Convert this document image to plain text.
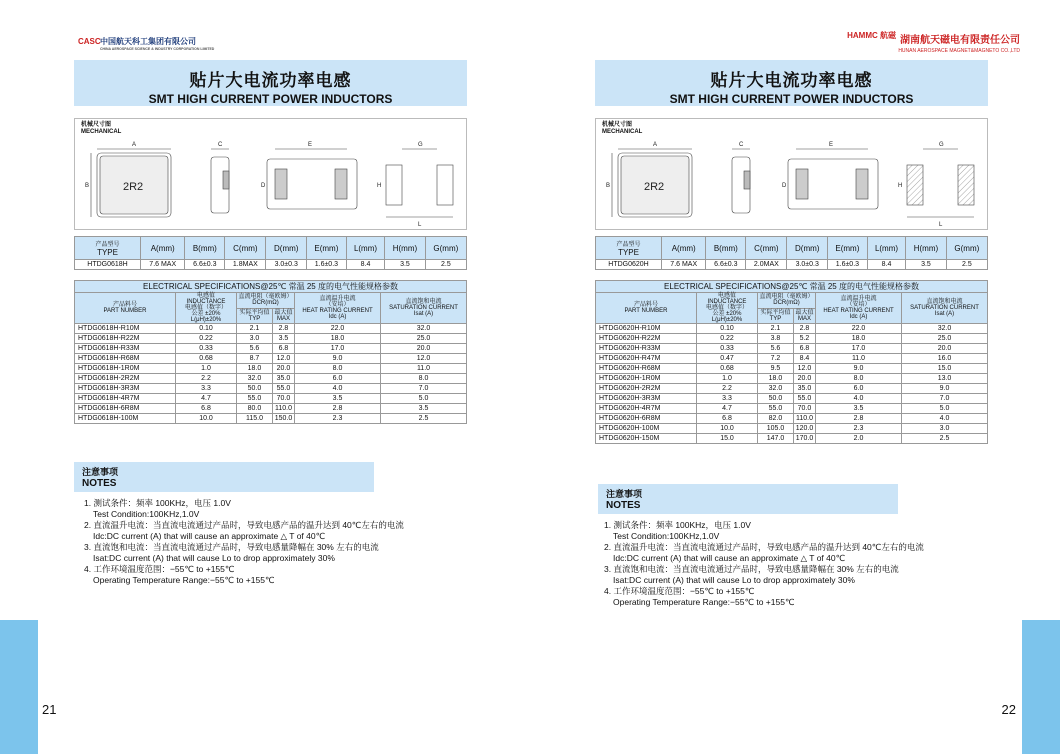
CASC中国航天科工集团有限公司
CHINA AEROSPACE SCIENCE & INDUSTRY CORPORATION LIMITED
贴片大电流功率电感
SMT HIGH CURRENT POWER INDUCTORS
A
B
C
D
E	G
H
L
2R2
机械尺寸图
MECHANICAL
产品型号
TYPE	A(mm)	B(mm)	C(mm)	D(mm)	E(mm)	L(mm)	H(mm)	G(mm)
HTDG0618H	7.6 MAX	6.6±0.3	1.8MAX	3.0±0.3	1.6±0.3	8.4	3.5	2.5
ELECTRICAL SPECIFICATIONS@25℃ 常温 25 度的电气性能规格参数					
产品料号
PART NUMBER	电感值
INDUCTANCE
电感值（数字）
公差 ±20%
L(μH)±20%	直流电阻（毫欧姆）
DCR(mΩ)		直流温升电流
（安培）
HEAT RATING CURRENT
Idc (A)	直流饱和电流
SATURATION CURRENT
Isat (A)
		实际平均值
TYP	最大值
MAX		
HTDG0618H-R10M	0.10	2.1	2.8	22.0	32.0
HTDG0618H-R22M	0.22	3.0	3.5	18.0	25.0
HTDG0618H-R33M	0.33	5.6	6.8	17.0	20.0
HTDG0618H-R68M	0.68	8.7	12.0	9.0	12.0
HTDG0618H-1R0M	1.0	18.0	20.0	8.0	11.0
HTDG0618H-2R2M	2.2	32.0	35.0	6.0	8.0
HTDG0618H-3R3M	3.3	50.0	55.0	4.0	7.0
HTDG0618H-4R7M	4.7	55.0	70.0	3.5	5.0
HTDG0618H-6R8M	6.8	80.0	110.0	2.8	3.5
HTDG0618H-100M	10.0	115.0	150.0	2.3	2.5
注意事项
NOTES
1. 测试条件：频率 100KHz，电压 1.0V
Test Condition:100KHz,1.0V
2. 直流温升电流：当直流电流通过产品时，导致电感产品的温升达到 40℃左右的电流
Idc:DC current (A) that will cause an approximate △ T of 40℃
3. 直流饱和电流：当直流电流通过产品时，导致电感量降幅在 30% 左右的电流
Isat:DC current (A) that will cause Lo to drop approximately 30%
4. 工作环境温度范围：−55℃ to +155℃
Operating Temperature Range:−55℃ to +155℃
21
HAMMC 航磁 湖南航天磁电有限责任公司
HUNAN AEROSPACE MAGNET&MAGNETO CO.,LTD
贴片大电流功率电感
SMT HIGH CURRENT POWER INDUCTORS
A
B
C
D
E	G
H
L
2R2
机械尺寸图
MECHANICAL
产品型号
TYPE	A(mm)	B(mm)	C(mm)	D(mm)	E(mm)	L(mm)	H(mm)	G(mm)
HTDG0620H	7.6 MAX	6.6±0.3	2.0MAX	3.0±0.3	1.6±0.3	8.4	3.5	2.5
ELECTRICAL SPECIFICATIONS@25℃ 常温 25 度的电气性能规格参数					
产品料号
PART NUMBER	电感值
INDUCTANCE
电感值（数字）
公差 ±20%
L(μH)±20%	直流电阻（毫欧姆）
DCR(mΩ)		直流温升电流
（安培）
HEAT RATING CURRENT
Idc (A)	直流饱和电流
SATURATION CURRENT
Isat (A)
		实际平均值
TYP	最大值
MAX		
HTDG0620H-R10M	0.10	2.1	2.8	22.0	32.0
HTDG0620H-R22M	0.22	3.8	5.2	18.0	25.0
HTDG0620H-R33M	0.33	5.6	6.8	17.0	20.0
HTDG0620H-R47M	0.47	7.2	8.4	11.0	16.0
HTDG0620H-R68M	0.68	9.5	12.0	9.0	15.0
HTDG0620H-1R0M	1.0	18.0	20.0	8.0	13.0
HTDG0620H-2R2M	2.2	32.0	35.0	6.0	9.0
HTDG0620H-3R3M	3.3	50.0	55.0	4.0	7.0
HTDG0620H-4R7M	4.7	55.0	70.0	3.5	5.0
HTDG0620H-6R8M	6.8	82.0	110.0	2.8	4.0
HTDG0620H-100M	10.0	105.0	120.0	2.3	3.0
HTDG0620H-150M	15.0	147.0	170.0	2.0	2.5
22
注意事项
NOTES
1. 测试条件：频率 100KHz，电压 1.0V
Test Condition:100KHz,1.0V
2. 直流温升电流：当直流电流通过产品时，导致电感产品的温升达到 40℃左右的电流
Idc:DC current (A) that will cause an approximate △ T of 40℃
3. 直流饱和电流：当直流电流通过产品时，导致电感量降幅在 30% 左右的电流
Isat:DC current (A) that will cause Lo to drop approximately 30%
4. 工作环境温度范围：−55℃ to +155℃
Operating Temperature Range:−55℃ to +155℃
